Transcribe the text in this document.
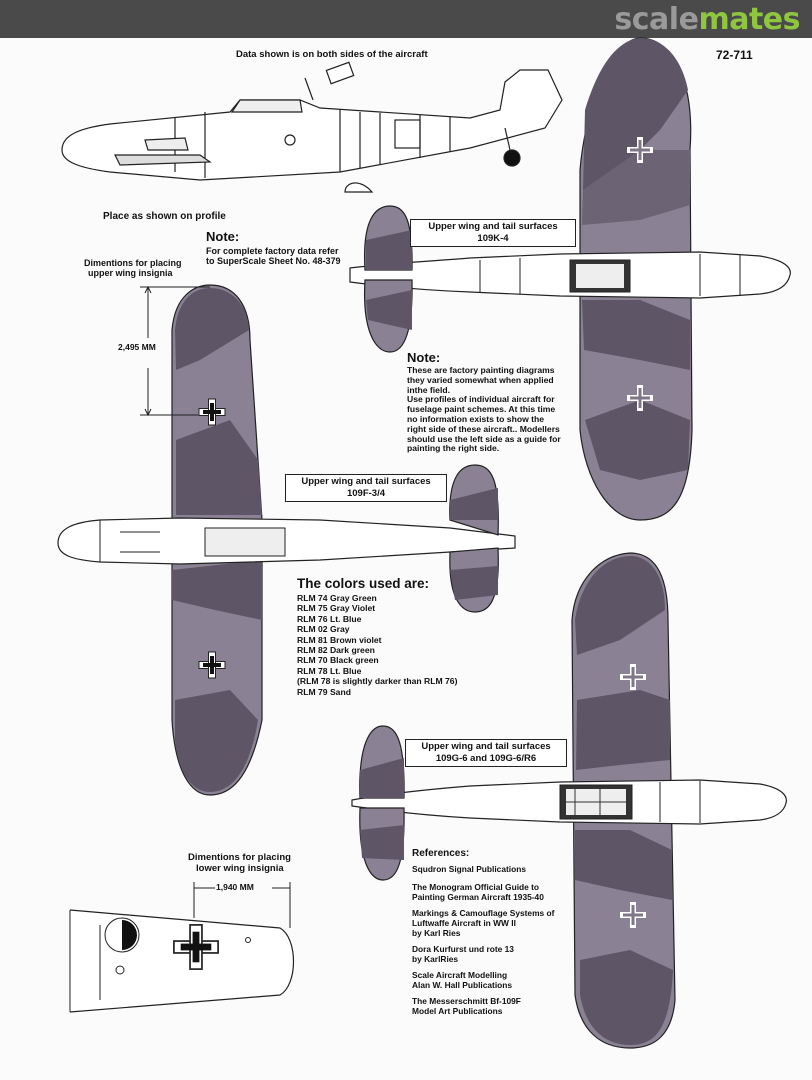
scalemates
Data shown is on both sides of the aircraft	72-711
Place as shown on profile
Note:
For complete factory data refer
to SuperScale Sheet No. 48-379
Dimentions for placing
upper wing insignia
2,495 MM
Upper wing and tail surfaces
109K-4
Note:
These are factory painting diagrams
they varied somewhat when applied
inthe field.
Use profiles of individual aircraft for
fuselage paint schemes. At this time
no information exists to show the
right side of these aircraft.. Modellers
should use the left side as a guide for
painting the right side.
Upper wing and tail surfaces
109F-3/4
The colors used are:
RLM 74 Gray Green
RLM 75 Gray Violet
RLM 76 Lt. Blue
RLM 02 Gray
RLM 81 Brown violet
RLM 82 Dark green
RLM 70 Black green
RLM 78 Lt. Blue
(RLM 78 is slightly darker than RLM 76)
RLM 79 Sand
Upper wing and tail surfaces
109G-6 and 109G-6/R6
References:
Squdron Signal Publications
The Monogram Official Guide to
Painting German Aircraft 1935-40
Markings & Camouflage Systems of
Luftwaffe Aircraft in WW II
by Karl Ries
Dora Kurfurst und rote 13
by KarlRies
Scale Aircraft Modelling
Alan W. Hall Publications
The Messerschmitt Bf-109F
Model Art Publications
Dimentions for placing
lower wing insignia
1,940 MM
